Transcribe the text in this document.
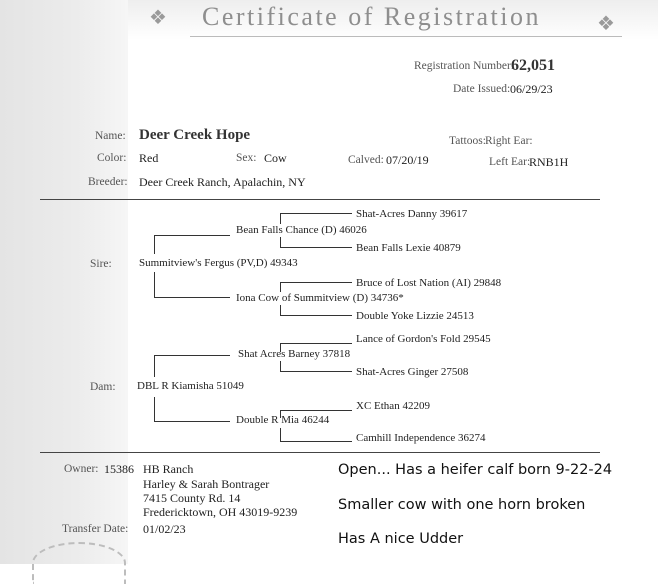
❖ Certificate of Registration	❖
Registration Number:
62,051
Date Issued: 06/29/23
Name: Deer Creek Hope	Tattoos: Right Ear:
Color: Red	Sex: Cow	Calved: 07/20/19	Left Ear:
RNB1H
Breeder: Deer Creek Ranch, Apalachin, NY
Shat-Acres Danny 39617
Bean Falls Chance (D) 46026
Bean Falls Lexie 40879
Sire: Summitview's Fergus (PV,D) 49343
Bruce of Lost Nation (AI) 29848
Iona Cow of Summitview (D) 34736*
Double Yoke Lizzie 24513
Lance of Gordon's Fold 29545
Shat Acres Barney 37818
Shat-Acres Ginger 27508
Dam: DBL R Kiamisha 51049
XC Ethan 42209
Double R Mia 46244
Camhill Independence 36274
Owner: 15386 HB Ranch
Harley & Sarah Bontrager
7415 County Rd. 14
Fredericktown, OH 43019-9239
Transfer Date: 01/02/23
Open... Has a heifer calf born 9-22-24
Smaller cow with one horn broken
Has A nice Udder
